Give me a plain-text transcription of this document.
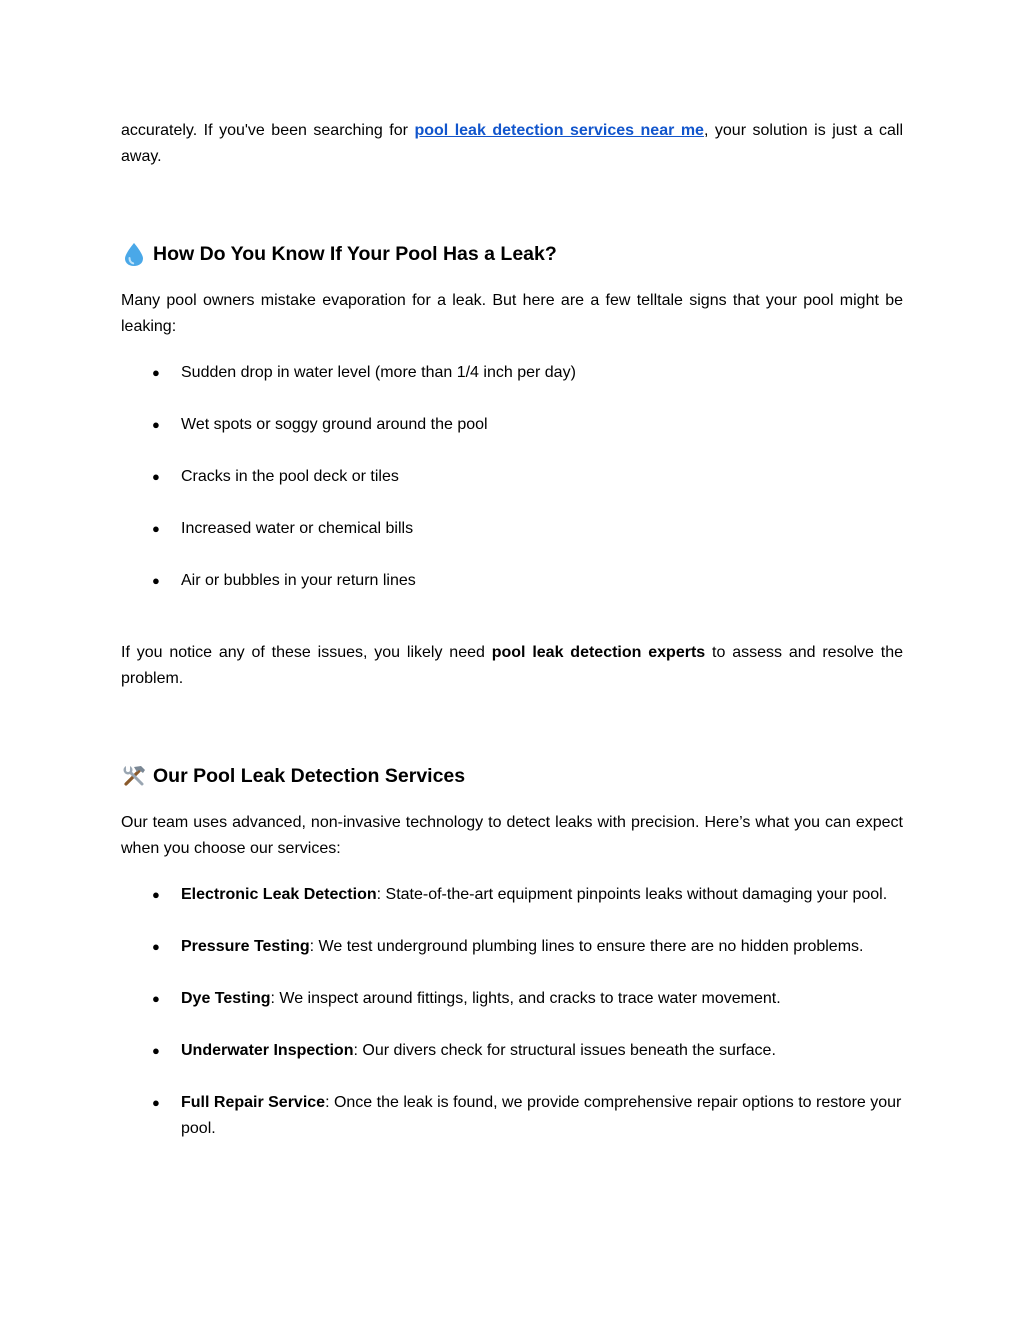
accurately. If you've been searching for pool leak detection services near me, your solution is just a call away.

How Do You Know If Your Pool Has a Leak?

Many pool owners mistake evaporation for a leak. But here are a few telltale signs that your pool might be leaking:

● Sudden drop in water level (more than 1/4 inch per day)
● Wet spots or soggy ground around the pool
● Cracks in the pool deck or tiles
● Increased water or chemical bills
● Air or bubbles in your return lines

If you notice any of these issues, you likely need pool leak detection experts to assess and resolve the problem.

Our Pool Leak Detection Services

Our team uses advanced, non-invasive technology to detect leaks with precision. Here’s what you can expect when you choose our services:

● Electronic Leak Detection: State-of-the-art equipment pinpoints leaks without damaging your pool.
● Pressure Testing: We test underground plumbing lines to ensure there are no hidden problems.
● Dye Testing: We inspect around fittings, lights, and cracks to trace water movement.
● Underwater Inspection: Our divers check for structural issues beneath the surface.
● Full Repair Service: Once the leak is found, we provide comprehensive repair options to restore your pool.
